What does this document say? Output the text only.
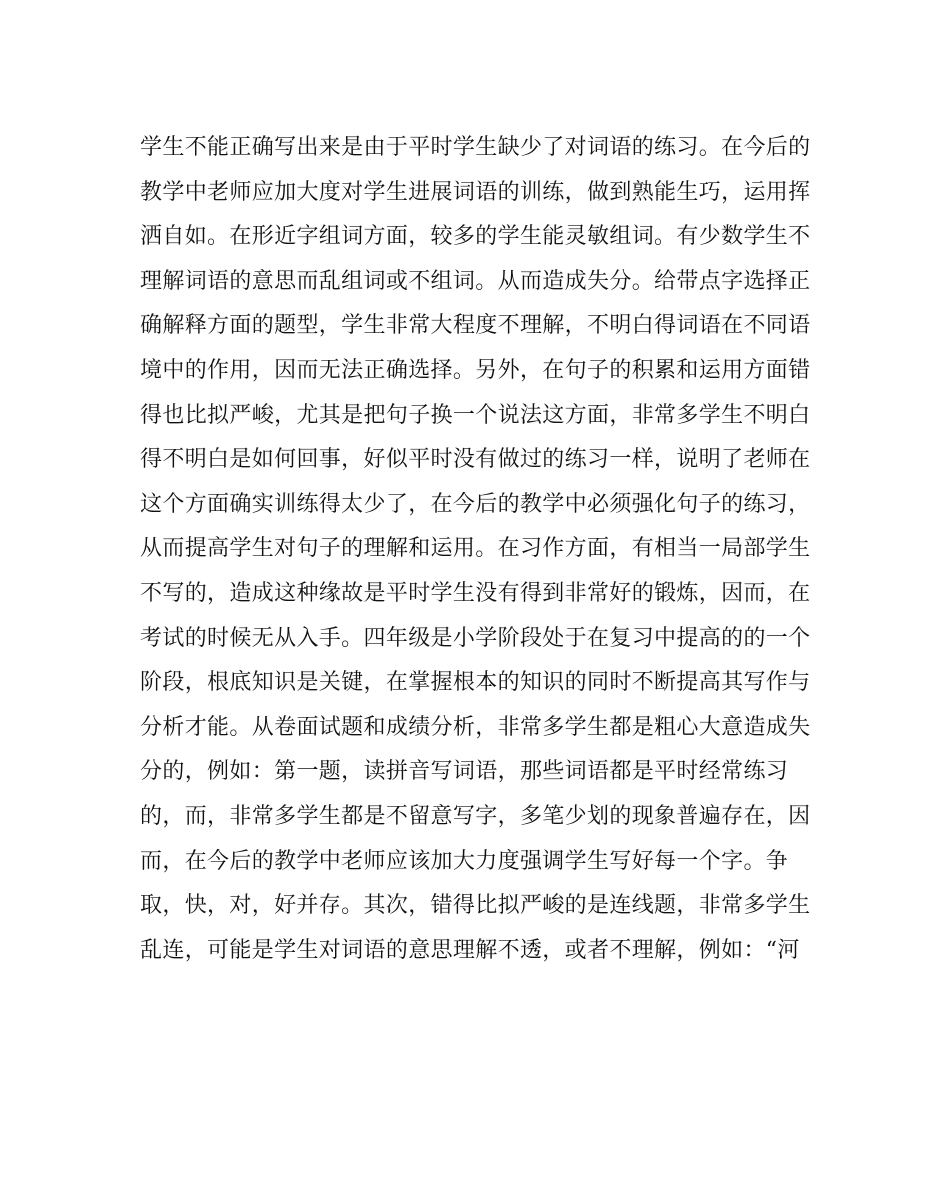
学生不能正确写出来是由于平时学生缺少了对词语的练习。在今后的
教学中老师应加大度对学生进展词语的训练，做到熟能生巧，运用挥
洒自如。在形近字组词方面，较多的学生能灵敏组词。有少数学生不
理解词语的意思而乱组词或不组词。从而造成失分。给带点字选择正
确解释方面的题型，学生非常大程度不理解，不明白得词语在不同语
境中的作用，因而无法正确选择。另外，在句子的积累和运用方面错
得也比拟严峻，尤其是把句子换一个说法这方面，非常多学生不明白
得不明白是如何回事，好似平时没有做过的练习一样，说明了老师在
这个方面确实训练得太少了，在今后的教学中必须强化句子的练习，
从而提高学生对句子的理解和运用。在习作方面，有相当一局部学生
不写的，造成这种缘故是平时学生没有得到非常好的锻炼，因而，在
考试的时候无从入手。四年级是小学阶段处于在复习中提高的的一个
阶段，根底知识是关键，在掌握根本的知识的同时不断提高其写作与
分析才能。从卷面试题和成绩分析，非常多学生都是粗心大意造成失
分的，例如：第一题，读拼音写词语，那些词语都是平时经常练习
的，而，非常多学生都是不留意写字，多笔少划的现象普遍存在，因
而，在今后的教学中老师应该加大力度强调学生写好每一个字。争
取，快，对，好并存。其次，错得比拟严峻的是连线题，非常多学生
乱连，可能是学生对词语的意思理解不透，或者不理解，例如：“河
